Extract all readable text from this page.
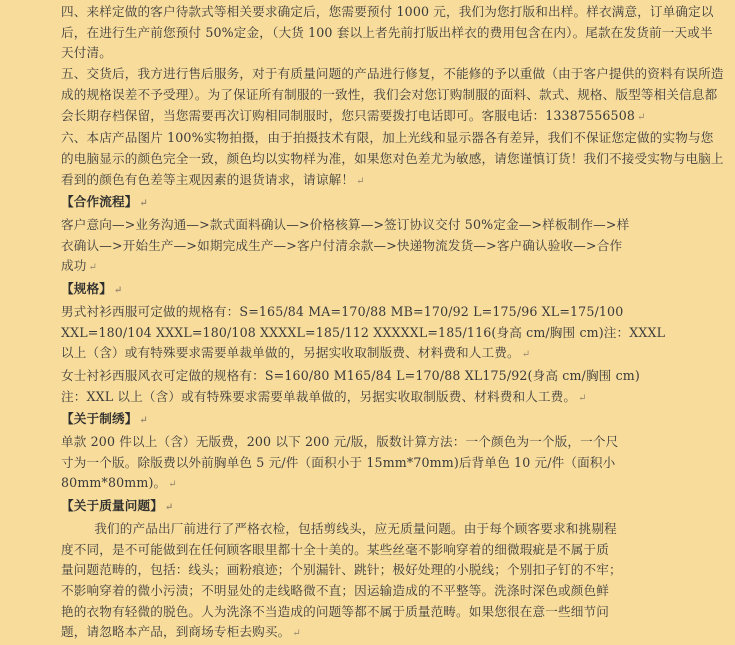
四、来样定做的客户待款式等相关要求确定后，您需要预付 1000 元，我们为您打版和出样。样衣满意，订单确定以后，在进行生产前您预付 50%定金，（大货 100 套以上者先前打版出样衣的费用包含在内）。尾款在发货前一天或半天付清。

五、交货后，我方进行售后服务，对于有质量问题的产品进行修复，不能修的予以重做（由于客户提供的资料有误所造成的规格误差不予受理）。为了保证所有制服的一致性，我们会对您订购制服的面料、款式、规格、版型等相关信息都会长期存档保留，当您需要再次订购相同制服时，您只需要拨打电话即可。客服电话：13387556508 ↵

六、本店产品图片 100%实物拍摄，由于拍摄技术有限，加上光线和显示器各有差异，我们不保证您定做的实物与您的电脑显示的颜色完全一致，颜色均以实物样为准，如果您对色差尤为敏感，请您谨慎订货！我们不接受实物与电脑上看到的颜色有色差等主观因素的退货请求，请谅解！ ↵

【合作流程】 ↵

客户意向—>业务沟通—>款式面料确认—>价格核算—>签订协议交付 50%定金—>样板制作—>样

衣确认—>开始生产—>如期完成生产—>客户付清余款—>快递物流发货—>客户确认验收—>合作

成功 ↵

【规格】 ↵

男式衬衫西服可定做的规格有：S=165/84 MA=170/88 MB=170/92 L=175/96 XL=175/100

XXL=180/104 XXXL=180/108 XXXXL=185/112 XXXXXL=185/116(身高 cm/胸围 cm)注：XXXL

以上（含）或有特殊要求需要单裁单做的，另据实收取制版费、材料费和人工费。 ↵

女士衬衫西服风衣可定做的规格有：S=160/80 M165/84 L=170/88 XL175/92(身高 cm/胸围 cm)

注：XXL 以上（含）或有特殊要求需要单裁单做的，另据实收取制版费、材料费和人工费。 ↵

【关于制绣】 ↵

单款 200 件以上（含）无版费，200 以下 200 元/版，版数计算方法：一个颜色为一个版，一个尺

寸为一个版。除版费以外前胸单色 5 元/件（面积小于 15mm*70mm)后背单色 10 元/件（面积小

80mm*80mm)。 ↵

【关于质量问题】 ↵

我们的产品出厂前进行了严格衣检，包括剪线头，应无质量问题。由于每个顾客要求和挑剔程

度不同，是不可能做到在任何顾客眼里都十全十美的。某些丝毫不影响穿着的细微瑕疵是不属于质

量问题范畴的，包括：线头；画粉痕迹；个别漏针、跳针；极好处理的小脱线；个别扣子钉的不牢；

不影响穿着的微小污渍；不明显处的走线略微不直；因运输造成的不平整等。洗涤时深色或颜色鲜

艳的衣物有轻微的脱色。人为洗涤不当造成的问题等都不属于质量范畴。如果您很在意一些细节问

题，请忽略本产品，到商场专柜去购买。 ↵
